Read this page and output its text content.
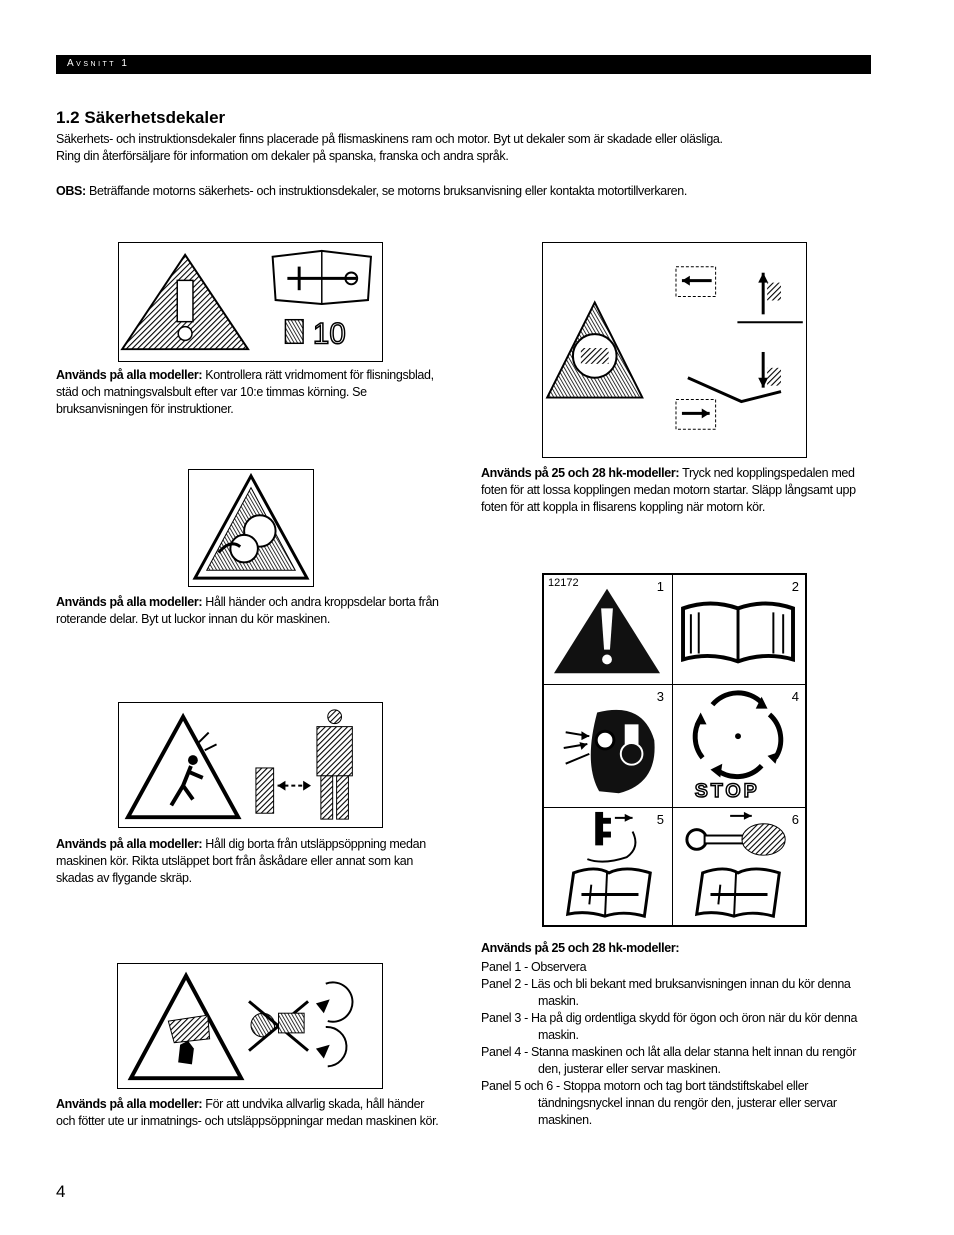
Avsnitt 1
1.2 Säkerhetsdekaler
Säkerhets- och instruktionsdekaler finns placerade på flismaskinens ram och motor. Byt ut dekaler som är skadade eller oläsliga.
Ring din återförsäljare för information om dekaler på spanska, franska och andra språk.
OBS: Beträffande motorns säkerhets- och instruktionsdekaler, se motorns bruksanvisning eller kontakta motortillverkaren.
10
Används på alla modeller: Kontrollera rätt vridmoment för flisningsblad, städ och matningsvalsbult efter var 10:e timmas körning. Se bruksanvisningen för instruktioner.
Används på alla modeller: Håll händer och andra kroppsdelar borta från roterande delar. Byt ut luckor innan du kör maskinen.
Används på alla modeller: Håll dig borta från utsläppsöppning medan maskinen kör. Rikta utsläppet bort från åskådare eller annat som kan skadas av flygande skräp.
Används på alla modeller: För att undvika allvarlig skada, håll händer och fötter ute ur inmatnings- och utsläppsöppningar medan maskinen kör.
Används på 25 och 28 hk-modeller: Tryck ned kopplingspedalen med foten för att lossa kopplingen medan motorn startar. Släpp långsamt upp foten för att koppla in flisarens koppling när motorn kör.
12172	1	2
3
STOP
4
5	6
Används på 25 och 28 hk-modeller:
Panel 1 - Observera
Panel 2 - Läs och bli bekant med bruksanvisningen innan du kör denna maskin.
Panel 3 - Ha på dig ordentliga skydd för ögon och öron när du kör denna maskin.
Panel 4 - Stanna maskinen och låt alla delar stanna helt innan du rengör den, justerar eller servar maskinen.
Panel 5 och 6 - Stoppa motorn och tag bort tändstiftskabel eller tändningsnyckel innan du rengör den, justerar eller servar maskinen.
4
